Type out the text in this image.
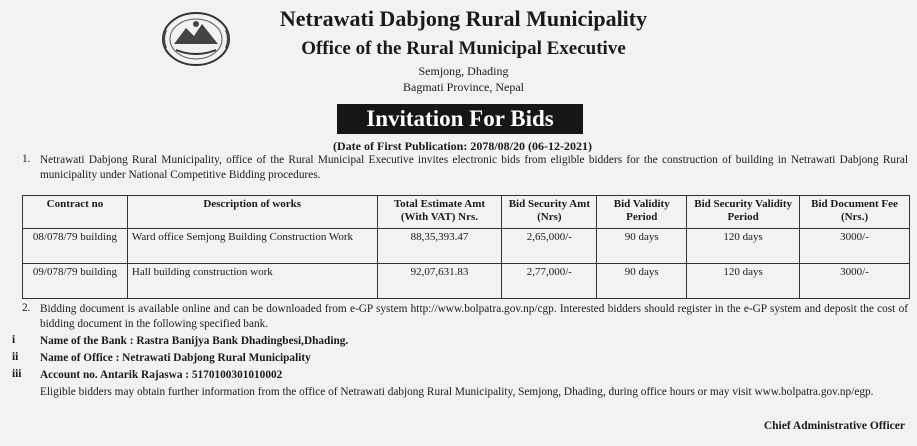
Netrawati Dabjong Rural Municipality
Office of the Rural Municipal Executive
Semjong, Dhading
Bagmati Province, Nepal
Invitation For Bids
(Date of First Publication: 2078/08/20 (06-12-2021)
1. Netrawati Dabjong Rural Municipality, office of the Rural Municipal Executive invites electronic bids from eligible bidders for the construction of building in Netrawati Dabjong Rural municipality under National Competitive Bidding procedures.
Contract no	Description of works	Total Estimate Amt (With VAT) Nrs.	Bid Security Amt (Nrs)	Bid Validity Period	Bid Security Validity Period	Bid Document Fee (Nrs.)
08/078/79 building	Ward office Semjong Building Construction Work	88,35,393.47	2,65,000/-	90 days	120 days	3000/-
09/078/79 building	Hall building construction work	92,07,631.83	2,77,000/-	90 days	120 days	3000/-
2. Bidding document is available online and can be downloaded from e-GP system http://www.bolpatra.gov.np/cgp. Interested bidders should register in the e-GP system and deposit the cost of bidding document in the following specified bank.
i Name of the Bank : Rastra Banijya Bank Dhadingbesi,Dhading.
ii Name of Office : Netrawati Dabjong Rural Municipality
iii Account no. Antarik Rajaswa : 5170100301010002
Eligible bidders may obtain further information from the office of Netrawati dabjong Rural Municipality, Semjong, Dhading, during office hours or may visit www.bolpatra.gov.np/egp.
Chief Administrative Officer
